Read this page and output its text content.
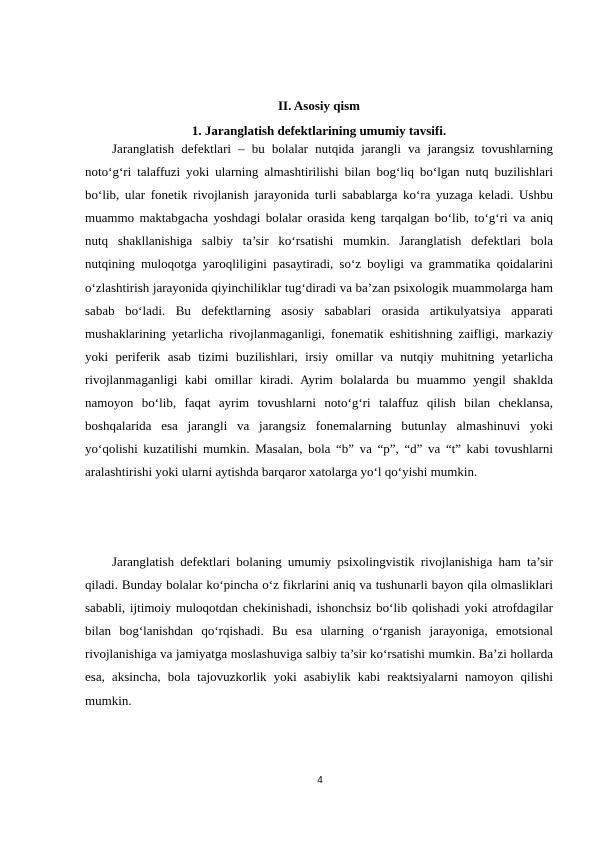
II. Asosiy qism
1. Jaranglatish defektlarining umumiy tavsifi.

Jaranglatish defektlari – bu bolalar nutqida jarangli va jarangsiz tovushlarning noto‘g‘ri talaffuzi yoki ularning almashtirilishi bilan bog‘liq bo‘lgan nutq buzilishlari bo‘lib, ular fonetik rivojlanish jarayonida turli sabablarga ko‘ra yuzaga keladi. Ushbu muammo maktabgacha yoshdagi bolalar orasida keng tarqalgan bo‘lib, to‘g‘ri va aniq nutq shakllanishiga salbiy ta’sir ko‘rsatishi mumkin. Jaranglatish defektlari bola nutqining muloqotga yaroqliligini pasaytiradi, so‘z boyligi va grammatika qoidalarini o‘zlashtirish jarayonida qiyinchiliklar tug‘diradi va ba’zan psixologik muammolarga ham sabab bo‘ladi. Bu defektlarning asosiy sabablari orasida artikulyatsiya apparati mushaklarining yetarlicha rivojlanmaganligi, fonematik eshitishning zaifligi, markaziy yoki periferik asab tizimi buzilishlari, irsiy omillar va nutqiy muhitning yetarlicha rivojlanmaganligi kabi omillar kiradi. Ayrim bolalarda bu muammo yengil shaklda namoyon bo‘lib, faqat ayrim tovushlarni noto‘g‘ri talaffuz qilish bilan cheklansa, boshqalarida esa jarangli va jarangsiz fonemalarning butunlay almashinuvi yoki yo‘qolishi kuzatilishi mumkin. Masalan, bola “b” va “p”, “d” va “t” kabi tovushlarni aralashtirishi yoki ularni aytishda barqaror xatolarga yo‘l qo‘yishi mumkin.

Jaranglatish defektlari bolaning umumiy psixolingvistik rivojlanishiga ham ta’sir qiladi. Bunday bolalar ko‘pincha o‘z fikrlarini aniq va tushunarli bayon qila olmasliklari sababli, ijtimoiy muloqotdan chekinishadi, ishonchsiz bo‘lib qolishadi yoki atrofdagilar bilan bog‘lanishdan qo‘rqishadi. Bu esa ularning o‘rganish jarayoniga, emotsional rivojlanishiga va jamiyatga moslashuviga salbiy ta’sir ko‘rsatishi mumkin. Ba’zi hollarda esa, aksincha, bola tajovuzkorlik yoki asabiylik kabi reaktsiyalarni namoyon qilishi mumkin.

4
